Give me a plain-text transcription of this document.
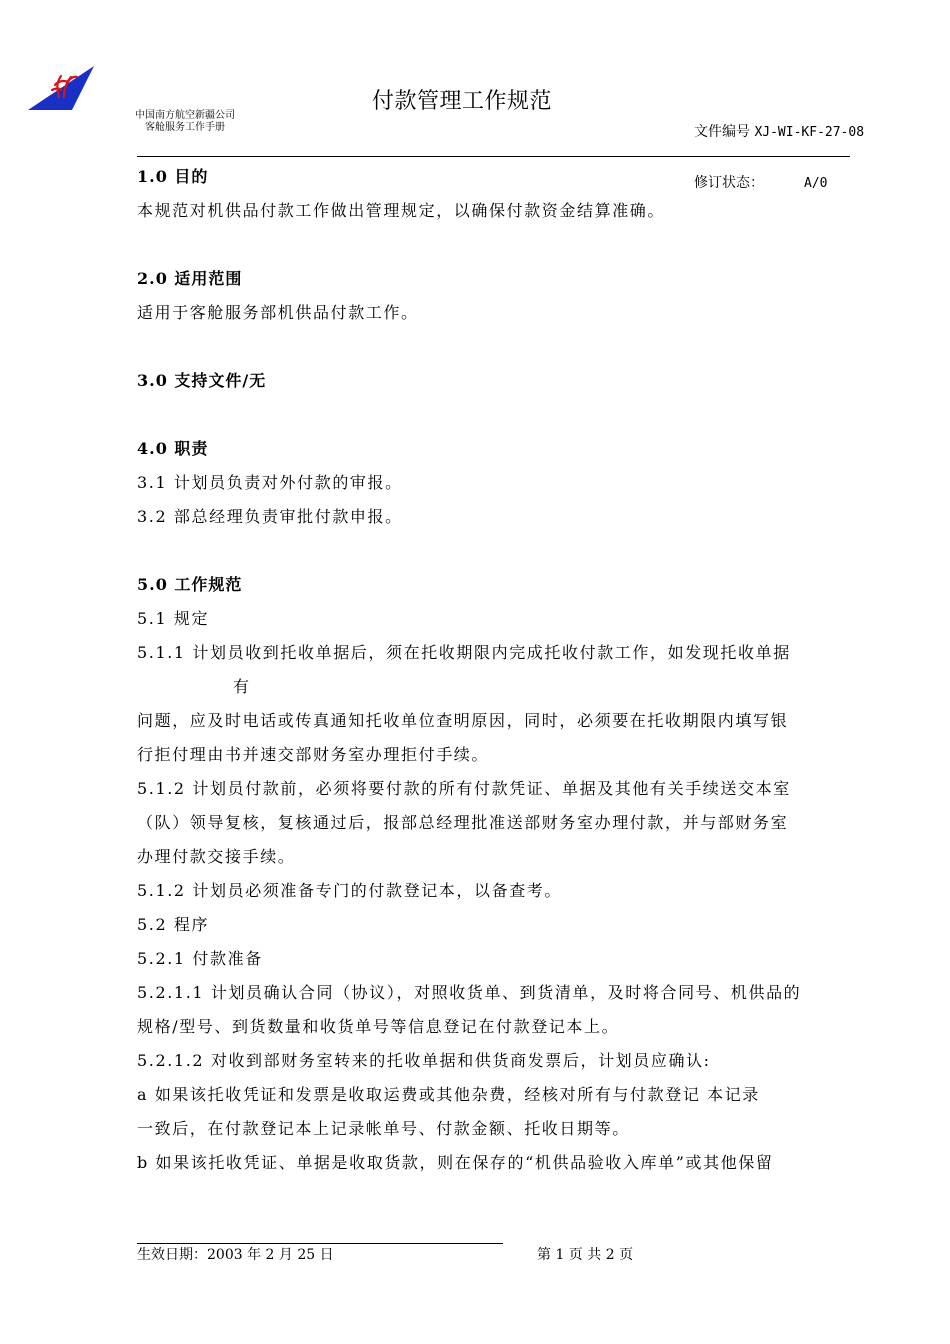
中国南方航空新疆公司
客舱服务工作手册
付款管理工作规范

文件编号 XJ-WI-KF-27-08

修订状态：	A/0

1.0 目的
本规范对机供品付款工作做出管理规定，以确保付款资金结算准确。
2.0 适用范围
适用于客舱服务部机供品付款工作。
3.0 支持文件/无
4.0 职责
3.1 计划员负责对外付款的审报。
3.2 部总经理负责审批付款申报。
5.0 工作规范
5.1 规定
5.1.1 计划员收到托收单据后，须在托收期限内完成托收付款工作，如发现托收单据
有
问题，应及时电话或传真通知托收单位查明原因，同时，必须要在托收期限内填写银
行拒付理由书并速交部财务室办理拒付手续。
5.1.2 计划员付款前，必须将要付款的所有付款凭证、单据及其他有关手续送交本室
（队）领导复核，复核通过后，报部总经理批准送部财务室办理付款，并与部财务室
办理付款交接手续。
5.1.2 计划员必须准备专门的付款登记本，以备查考。
5.2 程序
5.2.1 付款准备
5.2.1.1 计划员确认合同（协议），对照收货单、到货清单，及时将合同号、机供品的
规格/型号、到货数量和收货单号等信息登记在付款登记本上。
5.2.1.2 对收到部财务室转来的托收单据和供货商发票后，计划员应确认:
a 如果该托收凭证和发票是收取运费或其他杂费，经核对所有与付款登记 本记录
一致后，在付款登记本上记录帐单号、付款金额、托收日期等。
b 如果该托收凭证、单据是收取货款，则在保存的“机供品验收入库单”或其他保留
生效日期：2003 年 2 月 25 日	第 1 页 共 2 页
